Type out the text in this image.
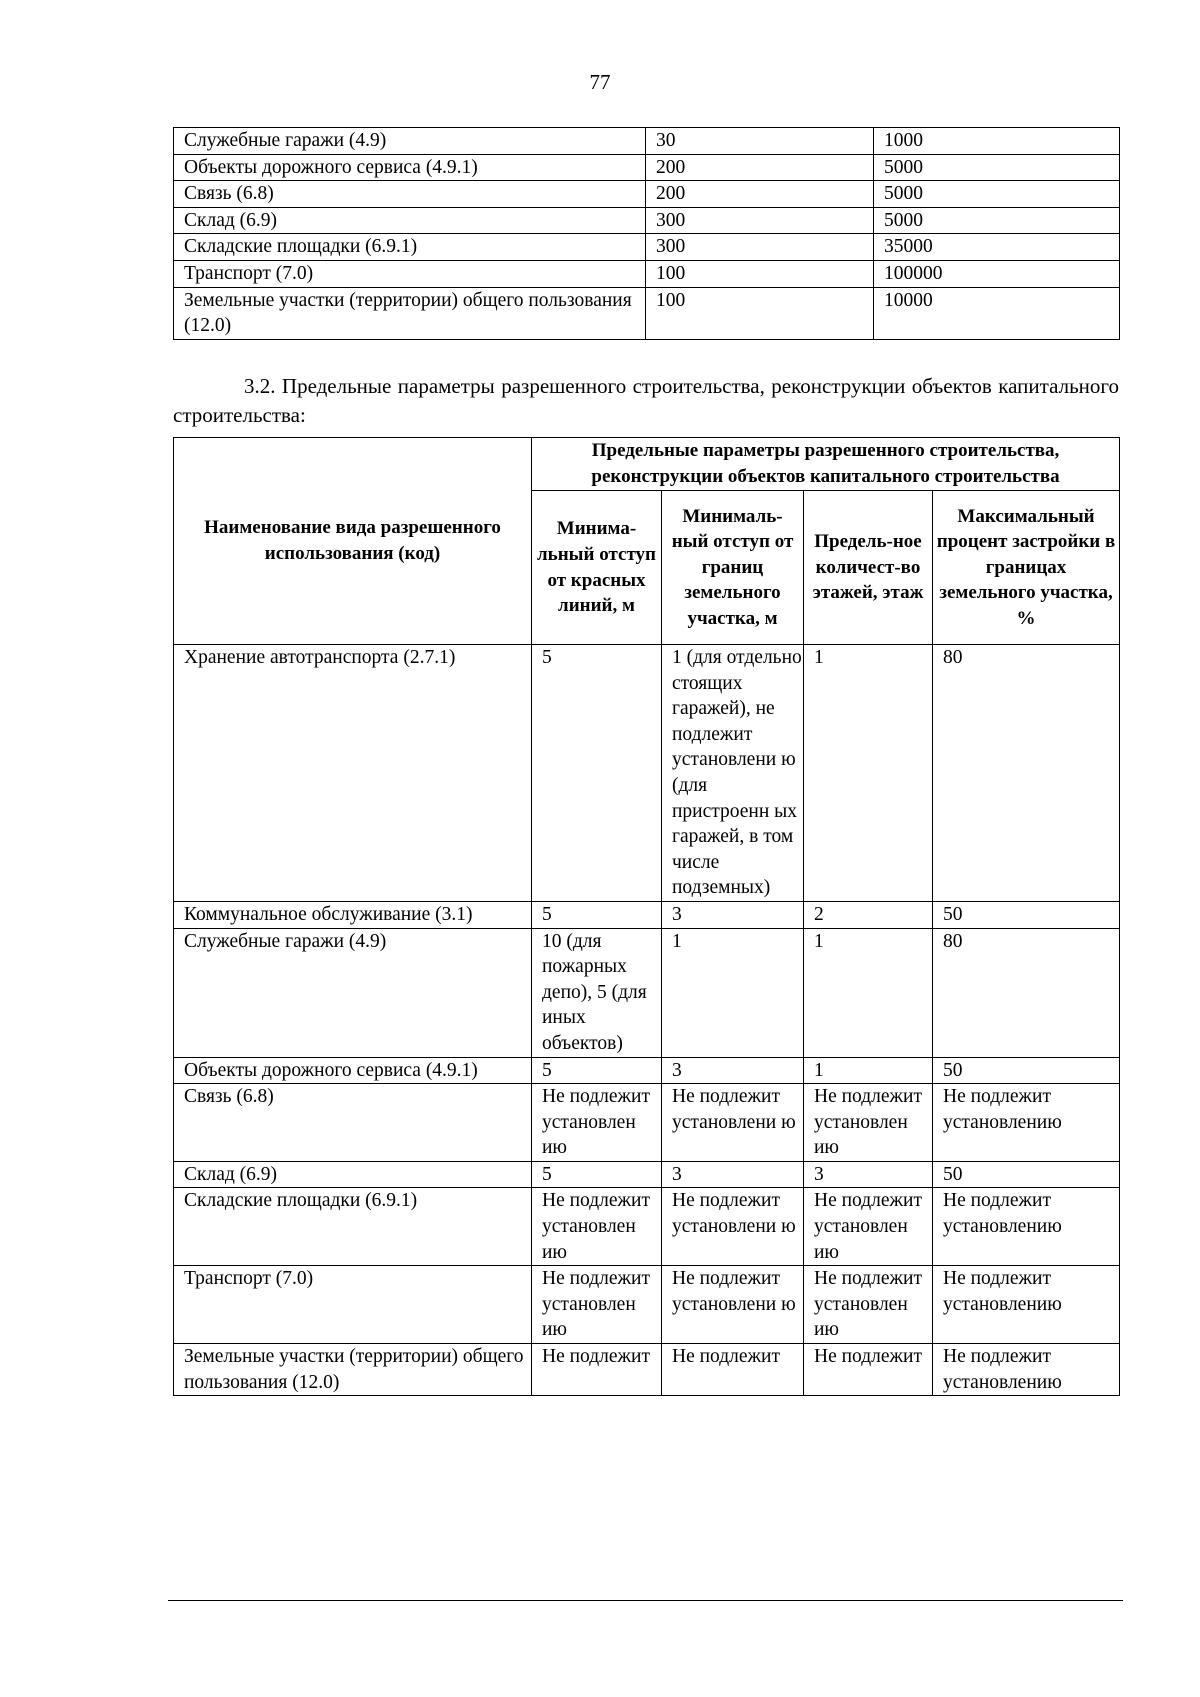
77
Служебные гаражи (4.9)	30	1000
Объекты дорожного сервиса (4.9.1)	200	5000
Связь (6.8)	200	5000
Склад (6.9)	300	5000
Складские площадки (6.9.1)	300	35000
Транспорт (7.0)	100	100000
Земельные участки (территории) общего пользования (12.0)	100	10000

3.2. Предельные параметры разрешенного строительства, реконструкции объектов капитального строительства:

Наименование вида разрешенного использования (код)	Предельные параметры разрешенного строительства, реконструкции объектов капитального строительства			
	Минима-льный отступ от красных линий, м	Минималь-ный отступ от границ земельного участка, м	Предель-ное количест-во этажей, этаж	Максимальный процент застройки в границах земельного участка, %
Хранение автотранспорта (2.7.1)	5	1 (для отдельно стоящих гаражей), не подлежит установлени ю (для пристроенн ых гаражей, в том числе подземных)	1	80
Коммунальное обслуживание (3.1)	5	3	2	50
Служебные гаражи (4.9)	10 (для пожарных депо), 5 (для иных объектов)	1	1	80
Объекты дорожного сервиса (4.9.1)	5	3	1	50
Связь (6.8)	Не подлежит установлен ию	Не подлежит установлени ю	Не подлежит установлен ию	Не подлежит установлению
Склад (6.9)	5	3	3	50
Складские площадки (6.9.1)	Не подлежит установлен ию	Не подлежит установлени ю	Не подлежит установлен ию	Не подлежит установлению
Транспорт (7.0)	Не подлежит установлен ию	Не подлежит установлени ю	Не подлежит установлен ию	Не подлежит установлению
Земельные участки (территории) общего пользования (12.0)	Не подлежит	Не подлежит	Не подлежит	Не подлежит установлению
